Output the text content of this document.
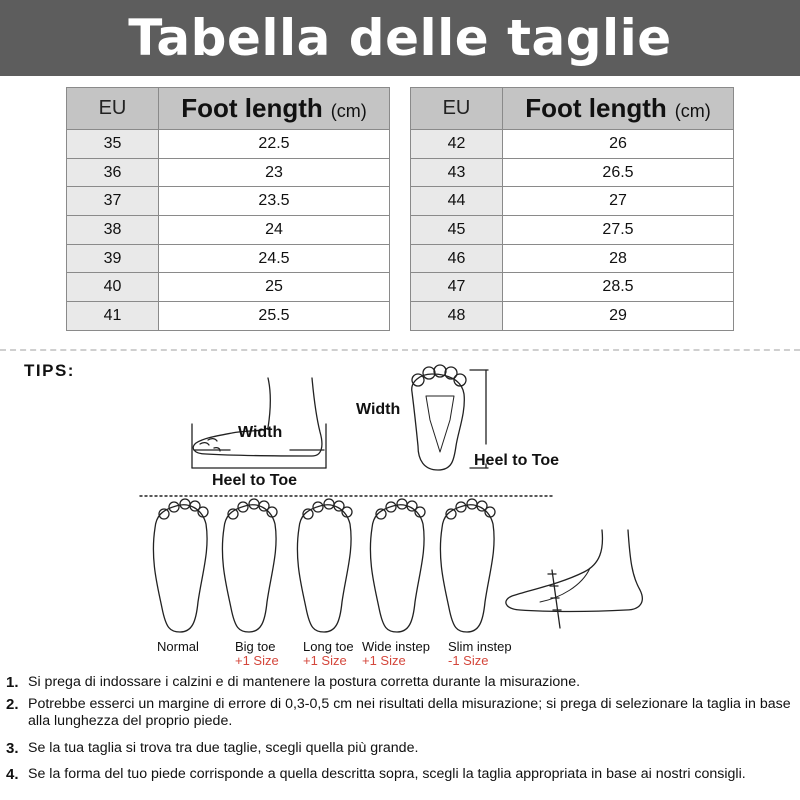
Tabella delle taglie
EU	Foot length (cm)
35	22.5
36	23
37	23.5
38	24
39	24.5
40	25
41	25.5
EU	Foot length (cm)
42	26
43	26.5
44	27
45	27.5
46	28
47	28.5
48	29
TIPS:
Width
Heel to Toe
Width
Heel to Toe
Normal	Big toe
+1 Size
Long toe
+1 Size
Wide instep
+1 Size
Slim instep
-1 Size
1. Si prega di indossare i calzini e di mantenere la postura corretta durante la misurazione.
2. Potrebbe esserci un margine di errore di 0,3-0,5 cm nei risultati della misurazione; si prega di selezionare la taglia in base alla lunghezza del proprio piede.
3. Se la tua taglia si trova tra due taglie, scegli quella più grande.
4. Se la forma del tuo piede corrisponde a quella descritta sopra, scegli la taglia appropriata in base ai nostri consigli.
